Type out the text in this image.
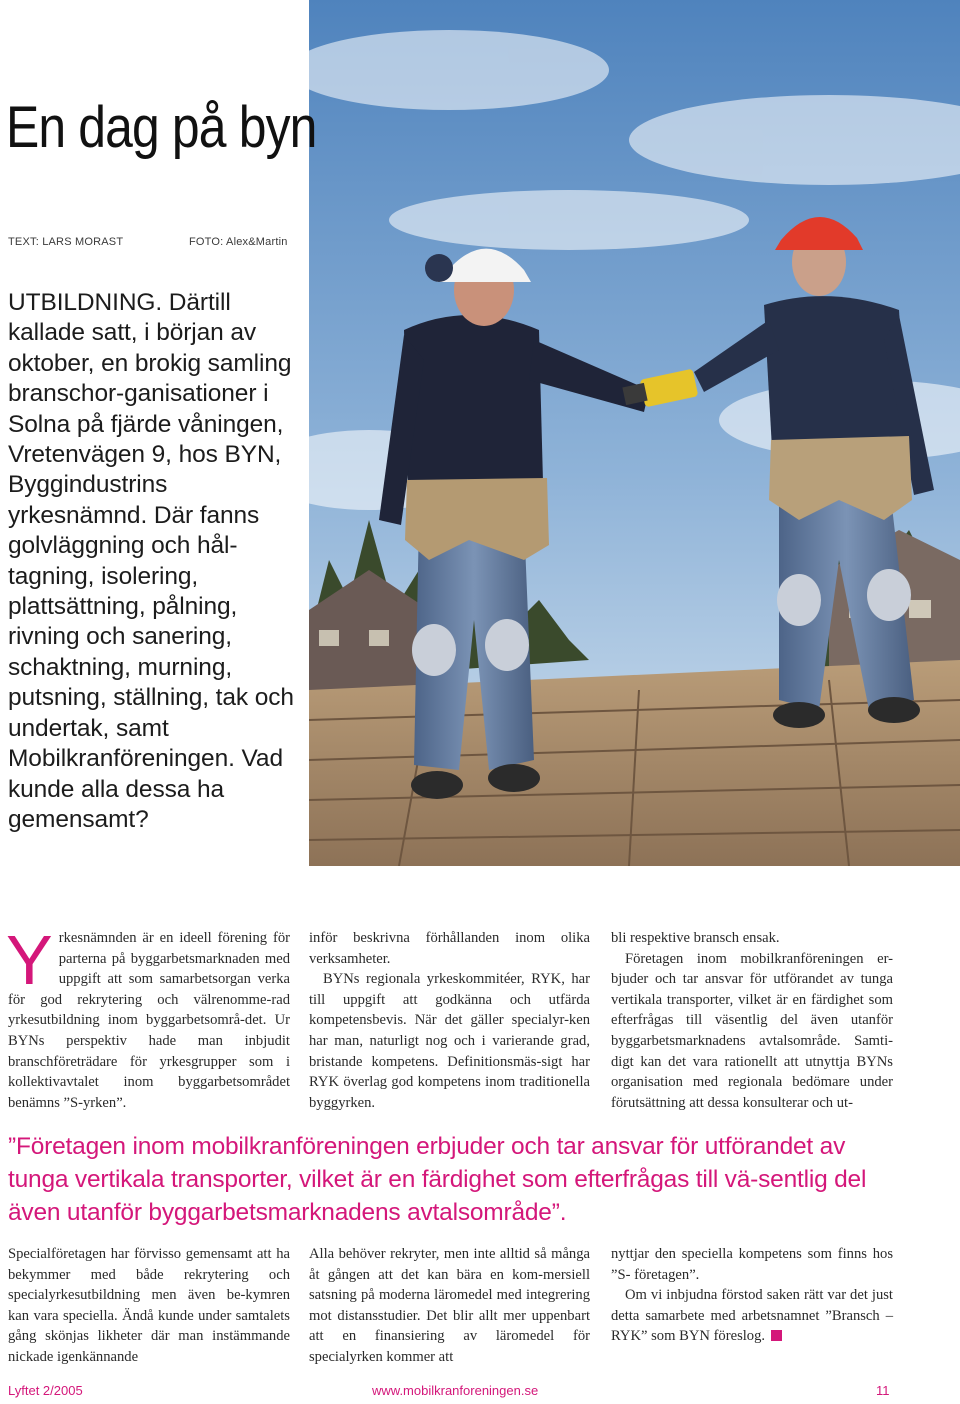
En dag på byn
TEXT: LARS MORAST	FOTO: Alex&Martin
UTBILDNING. Därtill kallade satt, i början av oktober, en brokig samling branschor-ganisationer i Solna på fjärde våningen, Vretenvägen 9, hos BYN, Byggindustrins yrkesnämnd. Där fanns golvläggning och hål-tagning, isolering, plattsättning, pålning, rivning och sanering, schaktning, murning, putsning, ställning, tak och undertak, samt Mobilkranföreningen. Vad kunde alla dessa ha gemensamt?
Y rkesnämnden är en ideell förening för parterna på byggarbetsmarknaden med uppgift att som samarbetsorgan verka för god rekrytering och välrenomme-rad yrkesutbildning inom byggarbetsområ-det. Ur BYNs perspektiv hade man inbjudit branschföreträdare för yrkesgrupper som i kollektivavtalet inom byggarbetsområdet benämns ”S-yrken”.

inför beskrivna förhållanden inom olika verksamheter.

BYNs regionala yrkeskommitéer, RYK, har till uppgift att godkänna och utfärda kompetensbevis. När det gäller specialyr-ken har man, naturligt nog och i varierande grad, bristande kompetens. Definitionsmäs-sigt har RYK överlag god kompetens inom traditionella byggyrken.

bli respektive bransch ensak.

Företagen inom mobilkranföreningen er-bjuder och tar ansvar för utförandet av tunga vertikala transporter, vilket är en färdighet som efterfrågas till väsentlig del även utanför byggarbetsmarknadens avtalsområde. Samti-digt kan det vara rationellt att utnyttja BYNs organisation med regionala bedömare under förutsättning att dessa konsulterar och ut-

”Företagen inom mobilkranföreningen erbjuder och tar ansvar för utförandet av tunga vertikala transporter, vilket är en färdighet som efterfrågas till vä-sentlig del även utanför byggarbetsmarknadens avtalsområde”.

Specialföretagen har förvisso gemensamt att ha bekymmer med både rekrytering och specialyrkesutbildning men även be-kymren kan vara speciella. Ändå kunde under samtalets gång skönjas likheter där man instämmande nickade igenkännande

Alla behöver rekryter, men inte alltid så många åt gången att det kan bära en kom-mersiell satsning på moderna läromedel med integrering mot distansstudier. Det blir allt mer uppenbart att en finansiering av läromedel för specialyrken kommer att

nyttjar den speciella kompetens som finns hos ”S- företagen”.

Om vi inbjudna förstod saken rätt var det just detta samarbete med arbetsnamnet ”Bransch – RYK” som BYN föreslog.

Lyftet 2/2005	www.mobilkranforeningen.se	11
